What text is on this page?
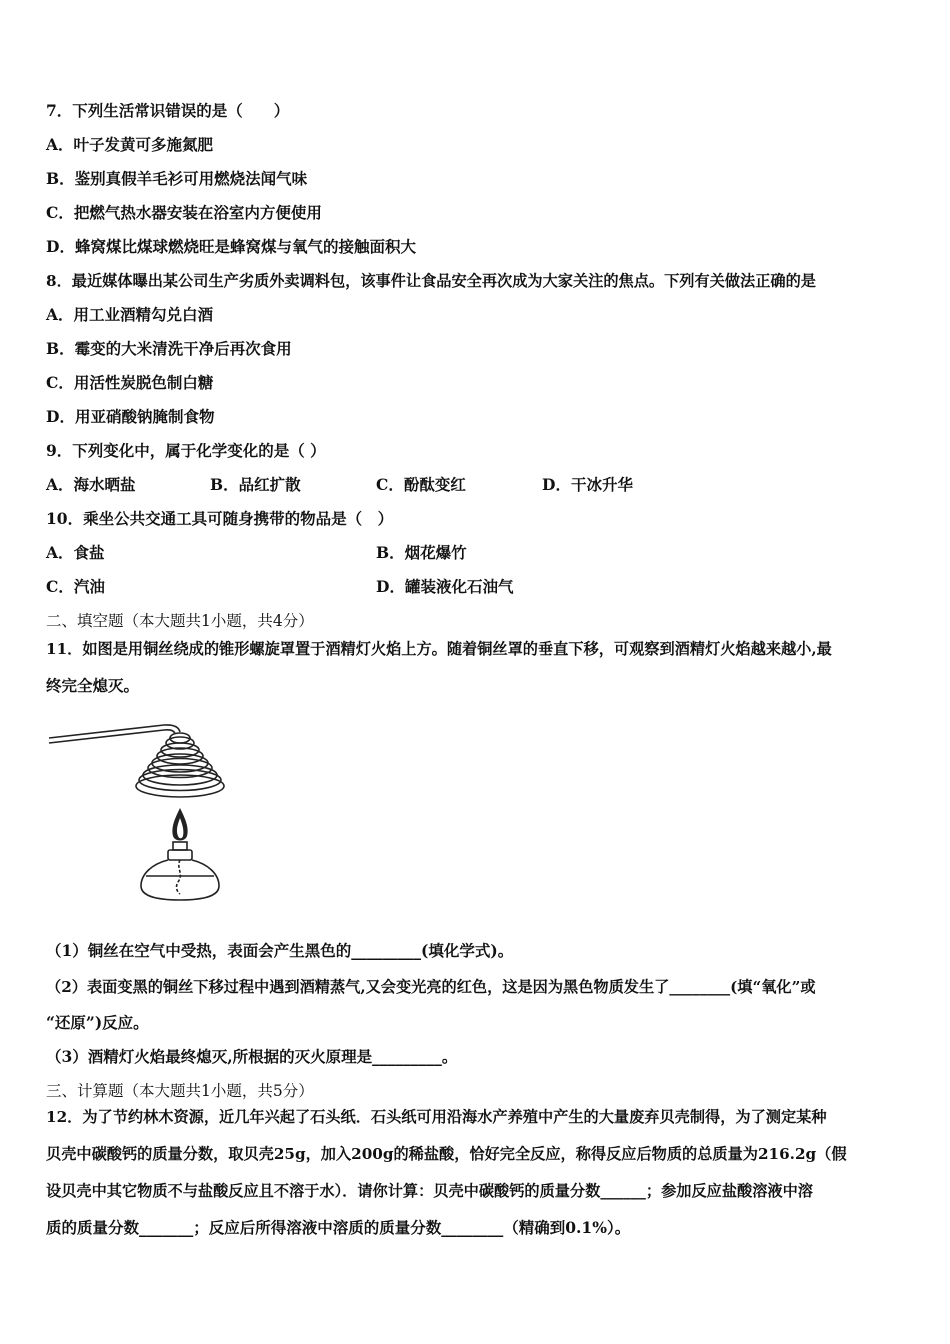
7．下列生活常识错误的是（　　）
A．叶子发黄可多施氮肥
B．鉴别真假羊毛衫可用燃烧法闻气味
C．把燃气热水器安装在浴室内方便使用
D．蜂窝煤比煤球燃烧旺是蜂窝煤与氧气的接触面积大
8．最近媒体曝出某公司生产劣质外卖调料包，该事件让食品安全再次成为大家关注的焦点。下列有关做法正确的是
A．用工业酒精勾兑白酒
B．霉变的大米清洗干净后再次食用
C．用活性炭脱色制白糖
D．用亚硝酸钠腌制食物
9．下列变化中，属于化学变化的是（ ）
A．海水晒盐	B．品红扩散	C．酚酞变红	D．干冰升华
10．乘坐公共交通工具可随身携带的物品是（　）
A．食盐	B．烟花爆竹
C．汽油	D．罐装液化石油气
二、填空题（本大题共1小题，共4分）
11．如图是用铜丝绕成的锥形螺旋罩置于酒精灯火焰上方。随着铜丝罩的垂直下移，可观察到酒精灯火焰越来越小,最
终完全熄灭。
（1）铜丝在空气中受热，表面会产生黑色的_________(填化学式)。
（2）表面变黑的铜丝下移过程中遇到酒精蒸气,又会变光亮的红色，这是因为黑色物质发生了________(填“氧化”或
“还原”)反应。
（3）酒精灯火焰最终熄灭,所根据的灭火原理是_________。
三、计算题（本大题共1小题，共5分）
12．为了节约林木资源，近几年兴起了石头纸．石头纸可用沿海水产养殖中产生的大量废弃贝壳制得，为了测定某种
贝壳中碳酸钙的质量分数，取贝壳25g，加入200g的稀盐酸，恰好完全反应，称得反应后物质的总质量为216.2g（假
设贝壳中其它物质不与盐酸反应且不溶于水）．请你计算：贝壳中碳酸钙的质量分数______；参加反应盐酸溶液中溶
质的质量分数_______；反应后所得溶液中溶质的质量分数________（精确到0.1%）。
